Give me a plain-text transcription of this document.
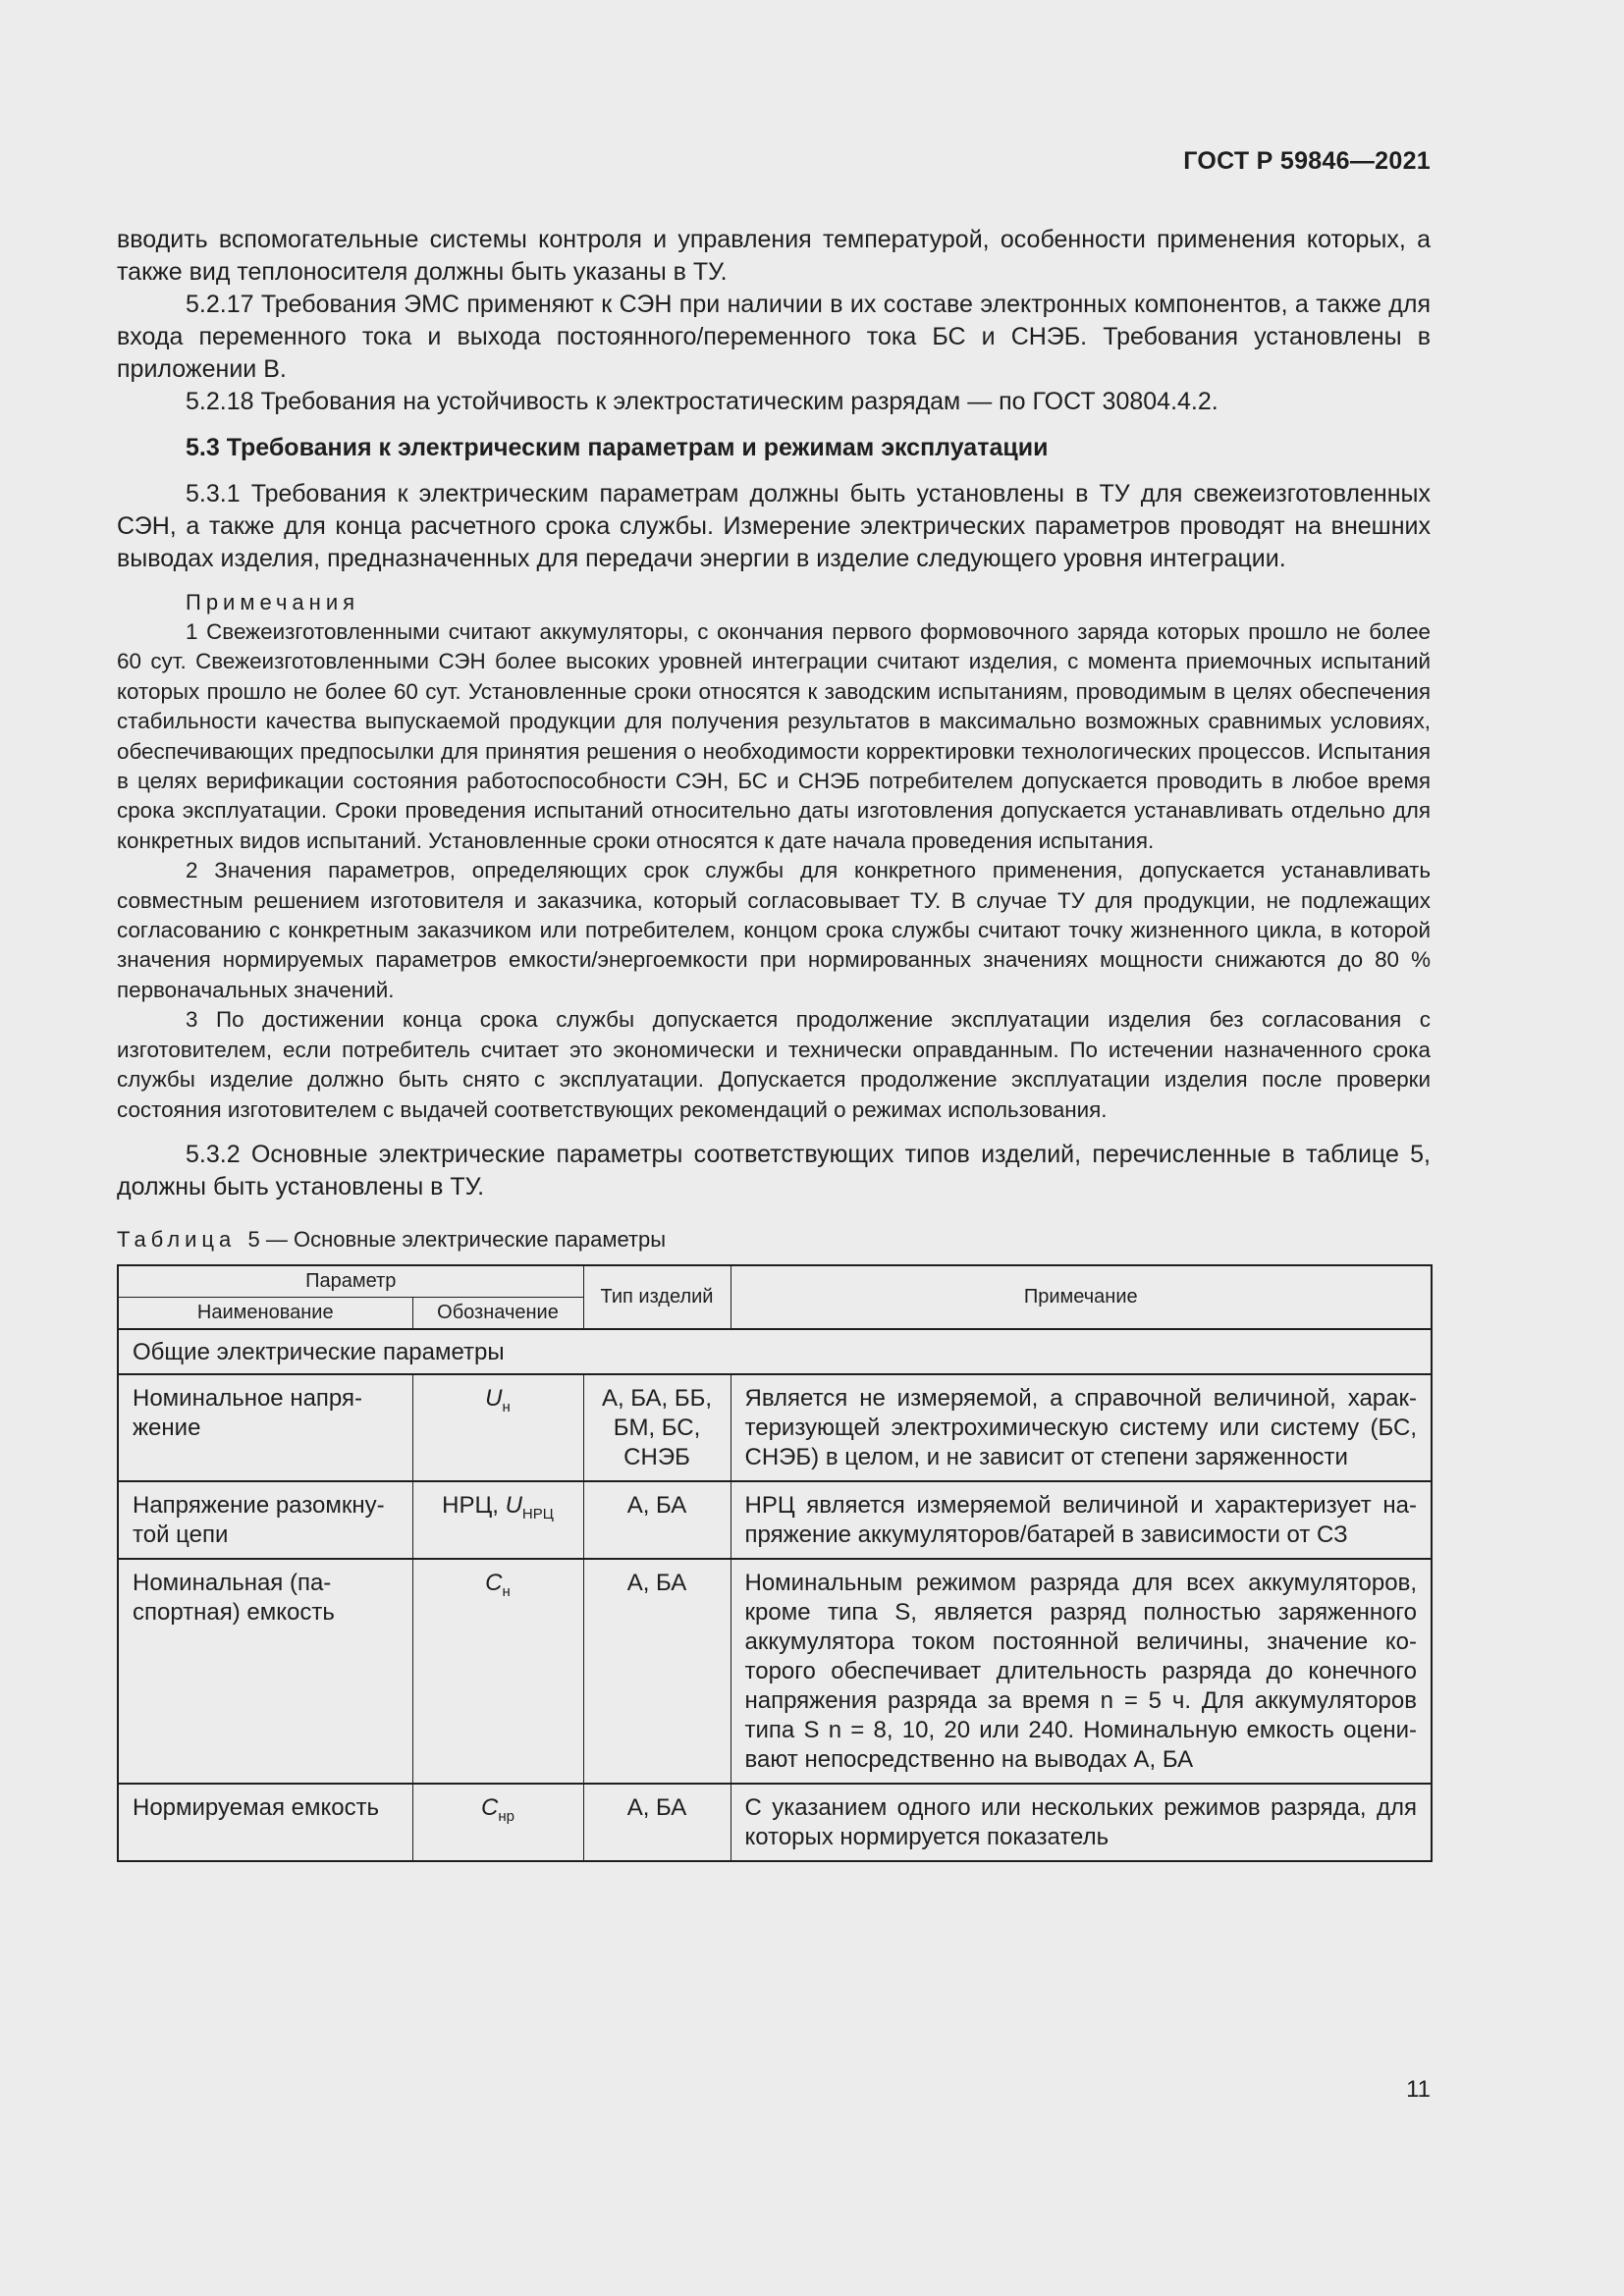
ГОСТ Р 59846—2021

вводить вспомогательные системы контроля и управления температурой, особенности применения которых, а также вид теплоносителя должны быть указаны в ТУ.

5.2.17 Требования ЭМС применяют к СЭН при наличии в их составе электронных компонентов, а также для входа переменного тока и выхода постоянного/переменного тока БС и СНЭБ. Требования установлены в приложении В.

5.2.18 Требования на устойчивость к электростатическим разрядам — по ГОСТ 30804.4.2.

5.3 Требования к электрическим параметрам и режимам эксплуатации

5.3.1 Требования к электрическим параметрам должны быть установлены в ТУ для свежеизготовленных СЭН, а также для конца расчетного срока службы. Измерение электрических параметров проводят на внешних выводах изделия, предназначенных для передачи энергии в изделие следующего уровня интеграции.

Примечания

1 Свежеизготовленными считают аккумуляторы, с окончания первого формовочного заряда которых прошло не более 60 сут. Свежеизготовленными СЭН более высоких уровней интеграции считают изделия, с момента приемочных испытаний которых прошло не более 60 сут. Установленные сроки относятся к заводским испытаниям, проводимым в целях обеспечения стабильности качества выпускаемой продукции для получения результатов в максимально возможных сравнимых условиях, обеспечивающих предпосылки для принятия решения о необходимости корректировки технологических процессов. Испытания в целях верификации состояния работоспособности СЭН, БС и СНЭБ потребителем допускается проводить в любое время срока эксплуатации. Сроки проведения испытаний относительно даты изготовления допускается устанавливать отдельно для конкретных видов испытаний. Установленные сроки относятся к дате начала проведения испытания.

2 Значения параметров, определяющих срок службы для конкретного применения, допускается устанавливать совместным решением изготовителя и заказчика, который согласовывает ТУ. В случае ТУ для продукции, не подлежащих согласованию с конкретным заказчиком или потребителем, концом срока службы считают точку жизненного цикла, в которой значения нормируемых параметров емкости/энергоемкости при нормированных значениях мощности снижаются до 80 % первоначальных значений.

3 По достижении конца срока службы допускается продолжение эксплуатации изделия без согласования с изготовителем, если потребитель считает это экономически и технически оправданным. По истечении назначенного срока службы изделие должно быть снято с эксплуатации. Допускается продолжение эксплуатации изделия после проверки состояния изготовителем с выдачей соответствующих рекомендаций о режимах использования.

5.3.2 Основные электрические параметры соответствующих типов изделий, перечисленные в таблице 5, должны быть установлены в ТУ.

Таблица 5 — Основные электрические параметры
Параметр		Тип изделий	Примечание
Наименование	Обозначение		
Общие электрические параметры			
Номинальное напряжение	$U_н$	А, БА, ББ, БМ, БС, СНЭБ	Является не измеряемой, а справочной величиной, характеризующей электрохимическую систему или систему (БС, СНЭБ) в целом, и не зависит от степени заряженности
Напряжение разомкнутой цепи	НРЦ, $U_{НРЦ}$	А, БА	НРЦ является измеряемой величиной и характеризует напряжение аккумуляторов/батарей в зависимости от СЗ
Номинальная (паспортная) емкость	$C_н$	А, БА	Номинальным режимом разряда для всех аккумуляторов, кроме типа S, является разряд полностью заряженного аккумулятора током постоянной величины, значение которого обеспечивает длительность разряда до конечного напряжения разряда за время n = 5 ч. Для аккумуляторов типа S n = 8, 10, 20 или 240. Номинальную емкость оценивают непосредственно на выводах А, БА
Нормируемая емкость	$C_{нр}$	А, БА	С указанием одного или нескольких режимов разряда, для которых нормируется показатель
11
